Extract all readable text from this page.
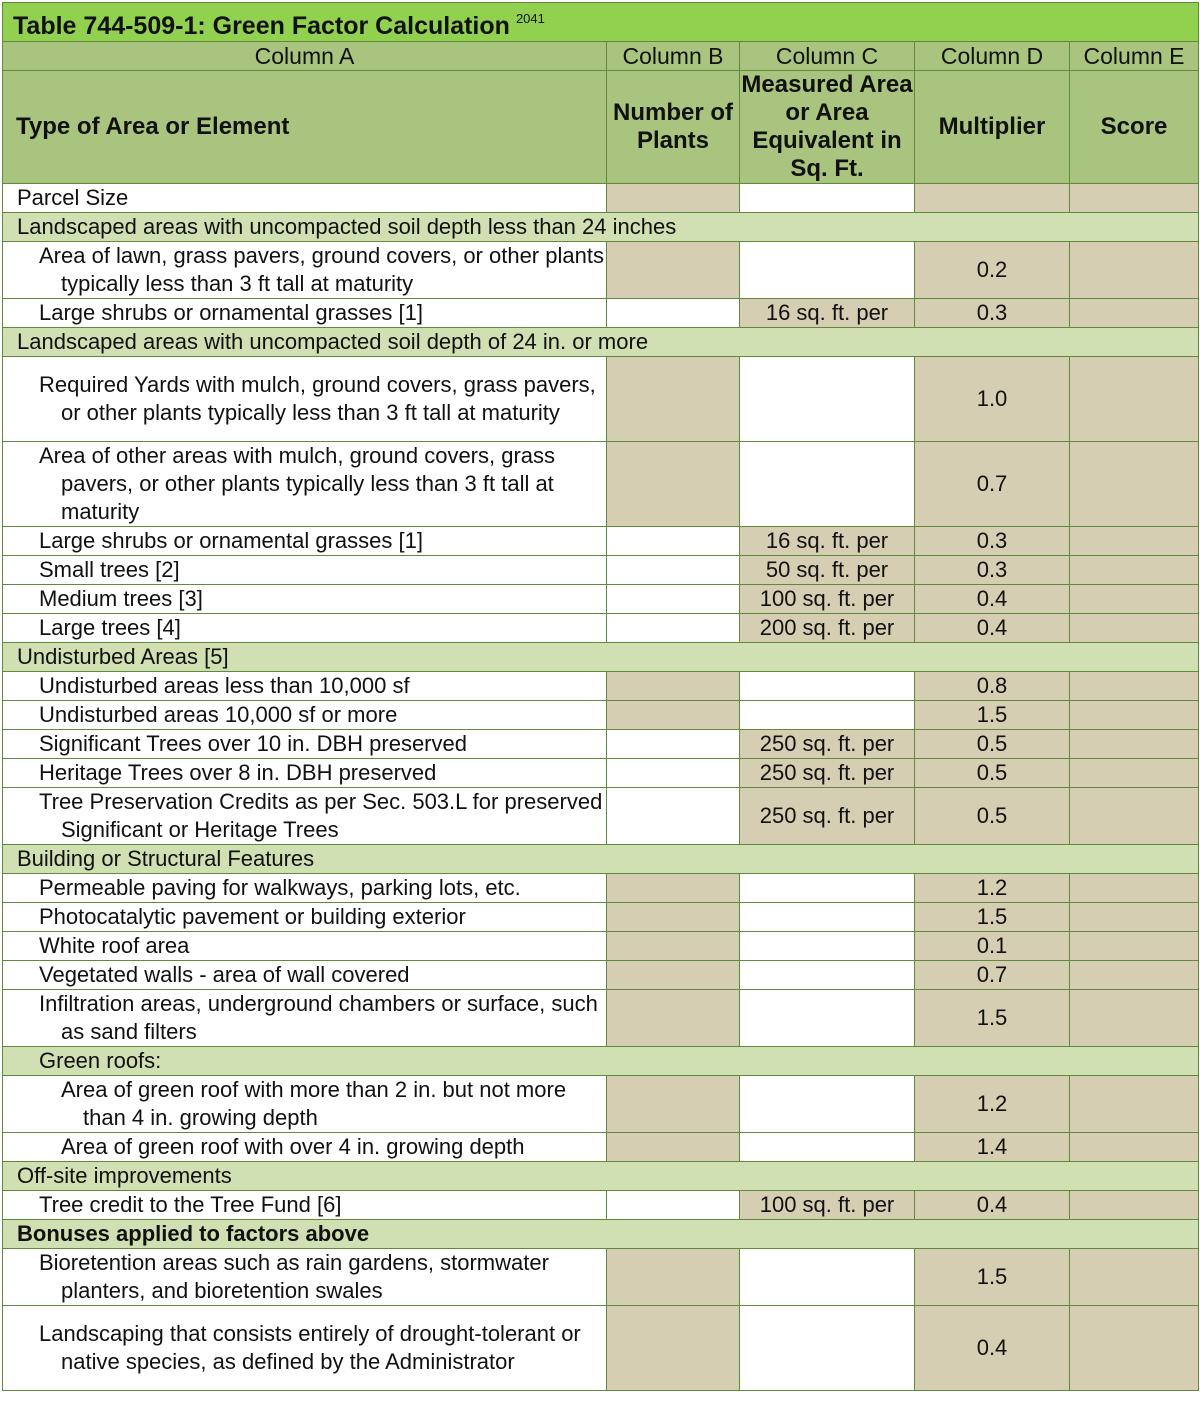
Table 744-509-1: Green Factor Calculation $^{2041}$
Column A	Column B	Column C	Column D	Column E
Type of Area or Element	Number of Plants	Measured Area or Area Equivalent in Sq. Ft.	Multiplier	Score
Parcel Size				
Landscaped areas with uncompacted soil depth less than 24 inches				

Area of lawn, grass pavers, ground covers, or other plants typically less than 3 ft tall at maturity			0.2	

Large shrubs or ornamental grasses [1]		16 sq. ft. per	0.3	
Landscaped areas with uncompacted soil depth of 24 in. or more				

Required Yards with mulch, ground covers, grass pavers, or other plants typically less than 3 ft tall at maturity			1.0	

Area of other areas with mulch, ground covers, grass pavers, or other plants typically less than 3 ft tall at maturity			0.7	

Large shrubs or ornamental grasses [1]		16 sq. ft. per	0.3	

Small trees [2]		50 sq. ft. per	0.3	

Medium trees [3]		100 sq. ft. per	0.4	

Large trees [4]		200 sq. ft. per	0.4	
Undisturbed Areas [5]				

Undisturbed areas less than 10,000 sf			0.8	

Undisturbed areas 10,000 sf or more			1.5	

Significant Trees over 10 in. DBH preserved		250 sq. ft. per	0.5	

Heritage Trees over 8 in. DBH preserved		250 sq. ft. per	0.5	

Tree Preservation Credits as per Sec. 503.L for preserved Significant or Heritage Trees		250 sq. ft. per	0.5	
Building or Structural Features				

Permeable paving for walkways, parking lots, etc.			1.2	

Photocatalytic pavement or building exterior			1.5	

White roof area			0.1	

Vegetated walls - area of wall covered			0.7	

Infiltration areas, underground chambers or surface, such as sand filters			1.5	
Green roofs:				

Area of green roof with more than 2 in. but not more than 4 in. growing depth			1.2	

Area of green roof with over 4 in. growing depth			1.4	
Off-site improvements				

Tree credit to the Tree Fund [6]		100 sq. ft. per	0.4	
Bonuses applied to factors above				

Bioretention areas such as rain gardens, stormwater planters, and bioretention swales			1.5	

Landscaping that consists entirely of drought-tolerant or native species, as defined by the Administrator			0.4	
